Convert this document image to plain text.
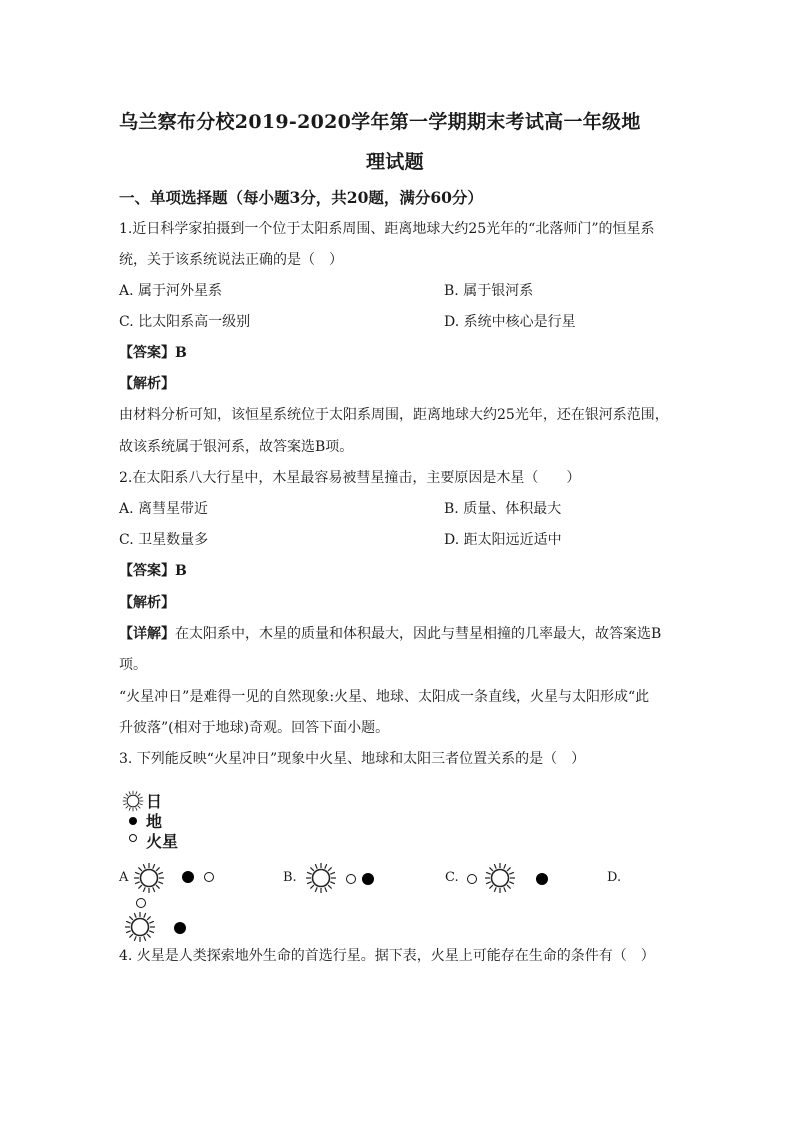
乌兰察布分校2019-2020学年第一学期期末考试高一年级地
理试题
一、单项选择题（每小题3分，共20题，满分60分）
1.近日科学家拍摄到一个位于太阳系周围、距离地球大约25光年的“北落师门”的恒星系
统，关于该系统说法正确的是（　）
A. 属于河外星系	B. 属于银河系
C. 比太阳系高一级别	D. 系统中核心是行星
【答案】B
【解析】
由材料分析可知，该恒星系统位于太阳系周围，距离地球大约25光年，还在银河系范围，
故该系统属于银河系，故答案选B项。
2.在太阳系八大行星中，木星最容易被彗星撞击，主要原因是木星（　　）
A. 离彗星带近	B. 质量、体积最大
C. 卫星数量多	D. 距太阳远近适中
【答案】B
【解析】
【详解】在太阳系中，木星的质量和体积最大，因此与彗星相撞的几率最大，故答案选B
项。
“火星冲日”是难得一见的自然现象:火星、地球、太阳成一条直线，火星与太阳形成“此
升彼落”(相对于地球)奇观。回答下面小题。
3. 下列能反映“火星冲日”现象中火星、地球和太阳三者位置关系的是（　）
日
地
火星
A	B.	C.	D.
4. 火星是人类探索地外生命的首选行星。据下表，火星上可能存在生命的条件有（　）
